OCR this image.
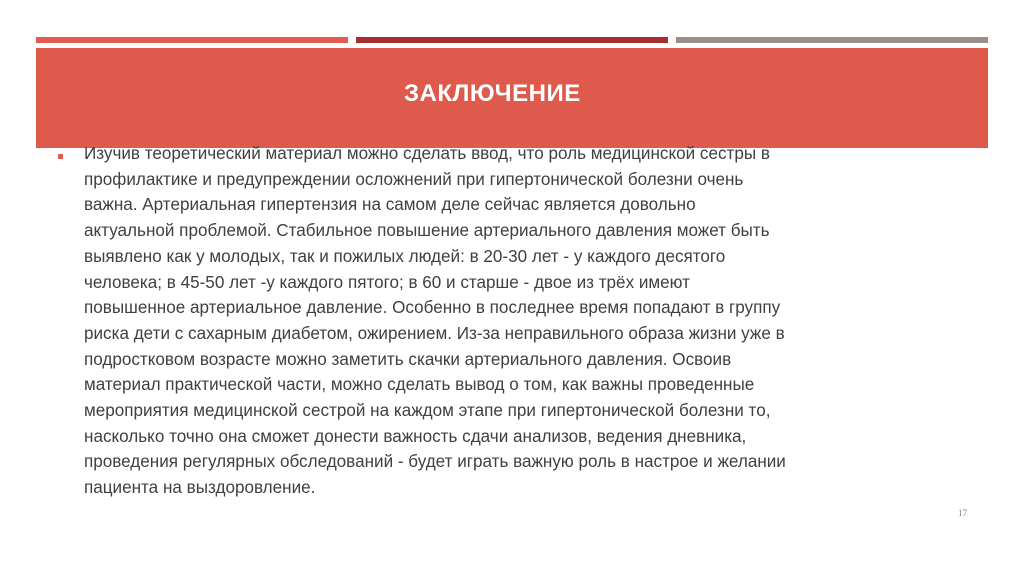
ЗАКЛЮЧЕНИЕ
Изучив теоретический материал можно сделать ввод, что роль медицинской сестры в
профилактике и предупреждении осложнений при гипертонической болезни очень
важна. Артериальная гипертензия на самом деле сейчас является довольно
актуальной проблемой. Стабильное повышение артериального давления может быть
выявлено как у молодых, так и пожилых людей: в 20-30 лет - у каждого десятого
человека; в 45-50 лет -у каждого пятого; в 60 и старше - двое из трёх имеют
повышенное артериальное давление. Особенно в последнее время попадают в группу
риска дети с сахарным диабетом, ожирением. Из-за неправильного образа жизни уже в
подростковом возрасте можно заметить скачки артериального давления. Освоив
материал практической части, можно сделать вывод о том, как важны проведенные
мероприятия медицинской сестрой на каждом этапе при гипертонической болезни то,
насколько точно она сможет донести важность сдачи анализов, ведения дневника,
проведения регулярных обследований - будет играть важную роль в настрое и желании
пациента на выздоровление.
17
